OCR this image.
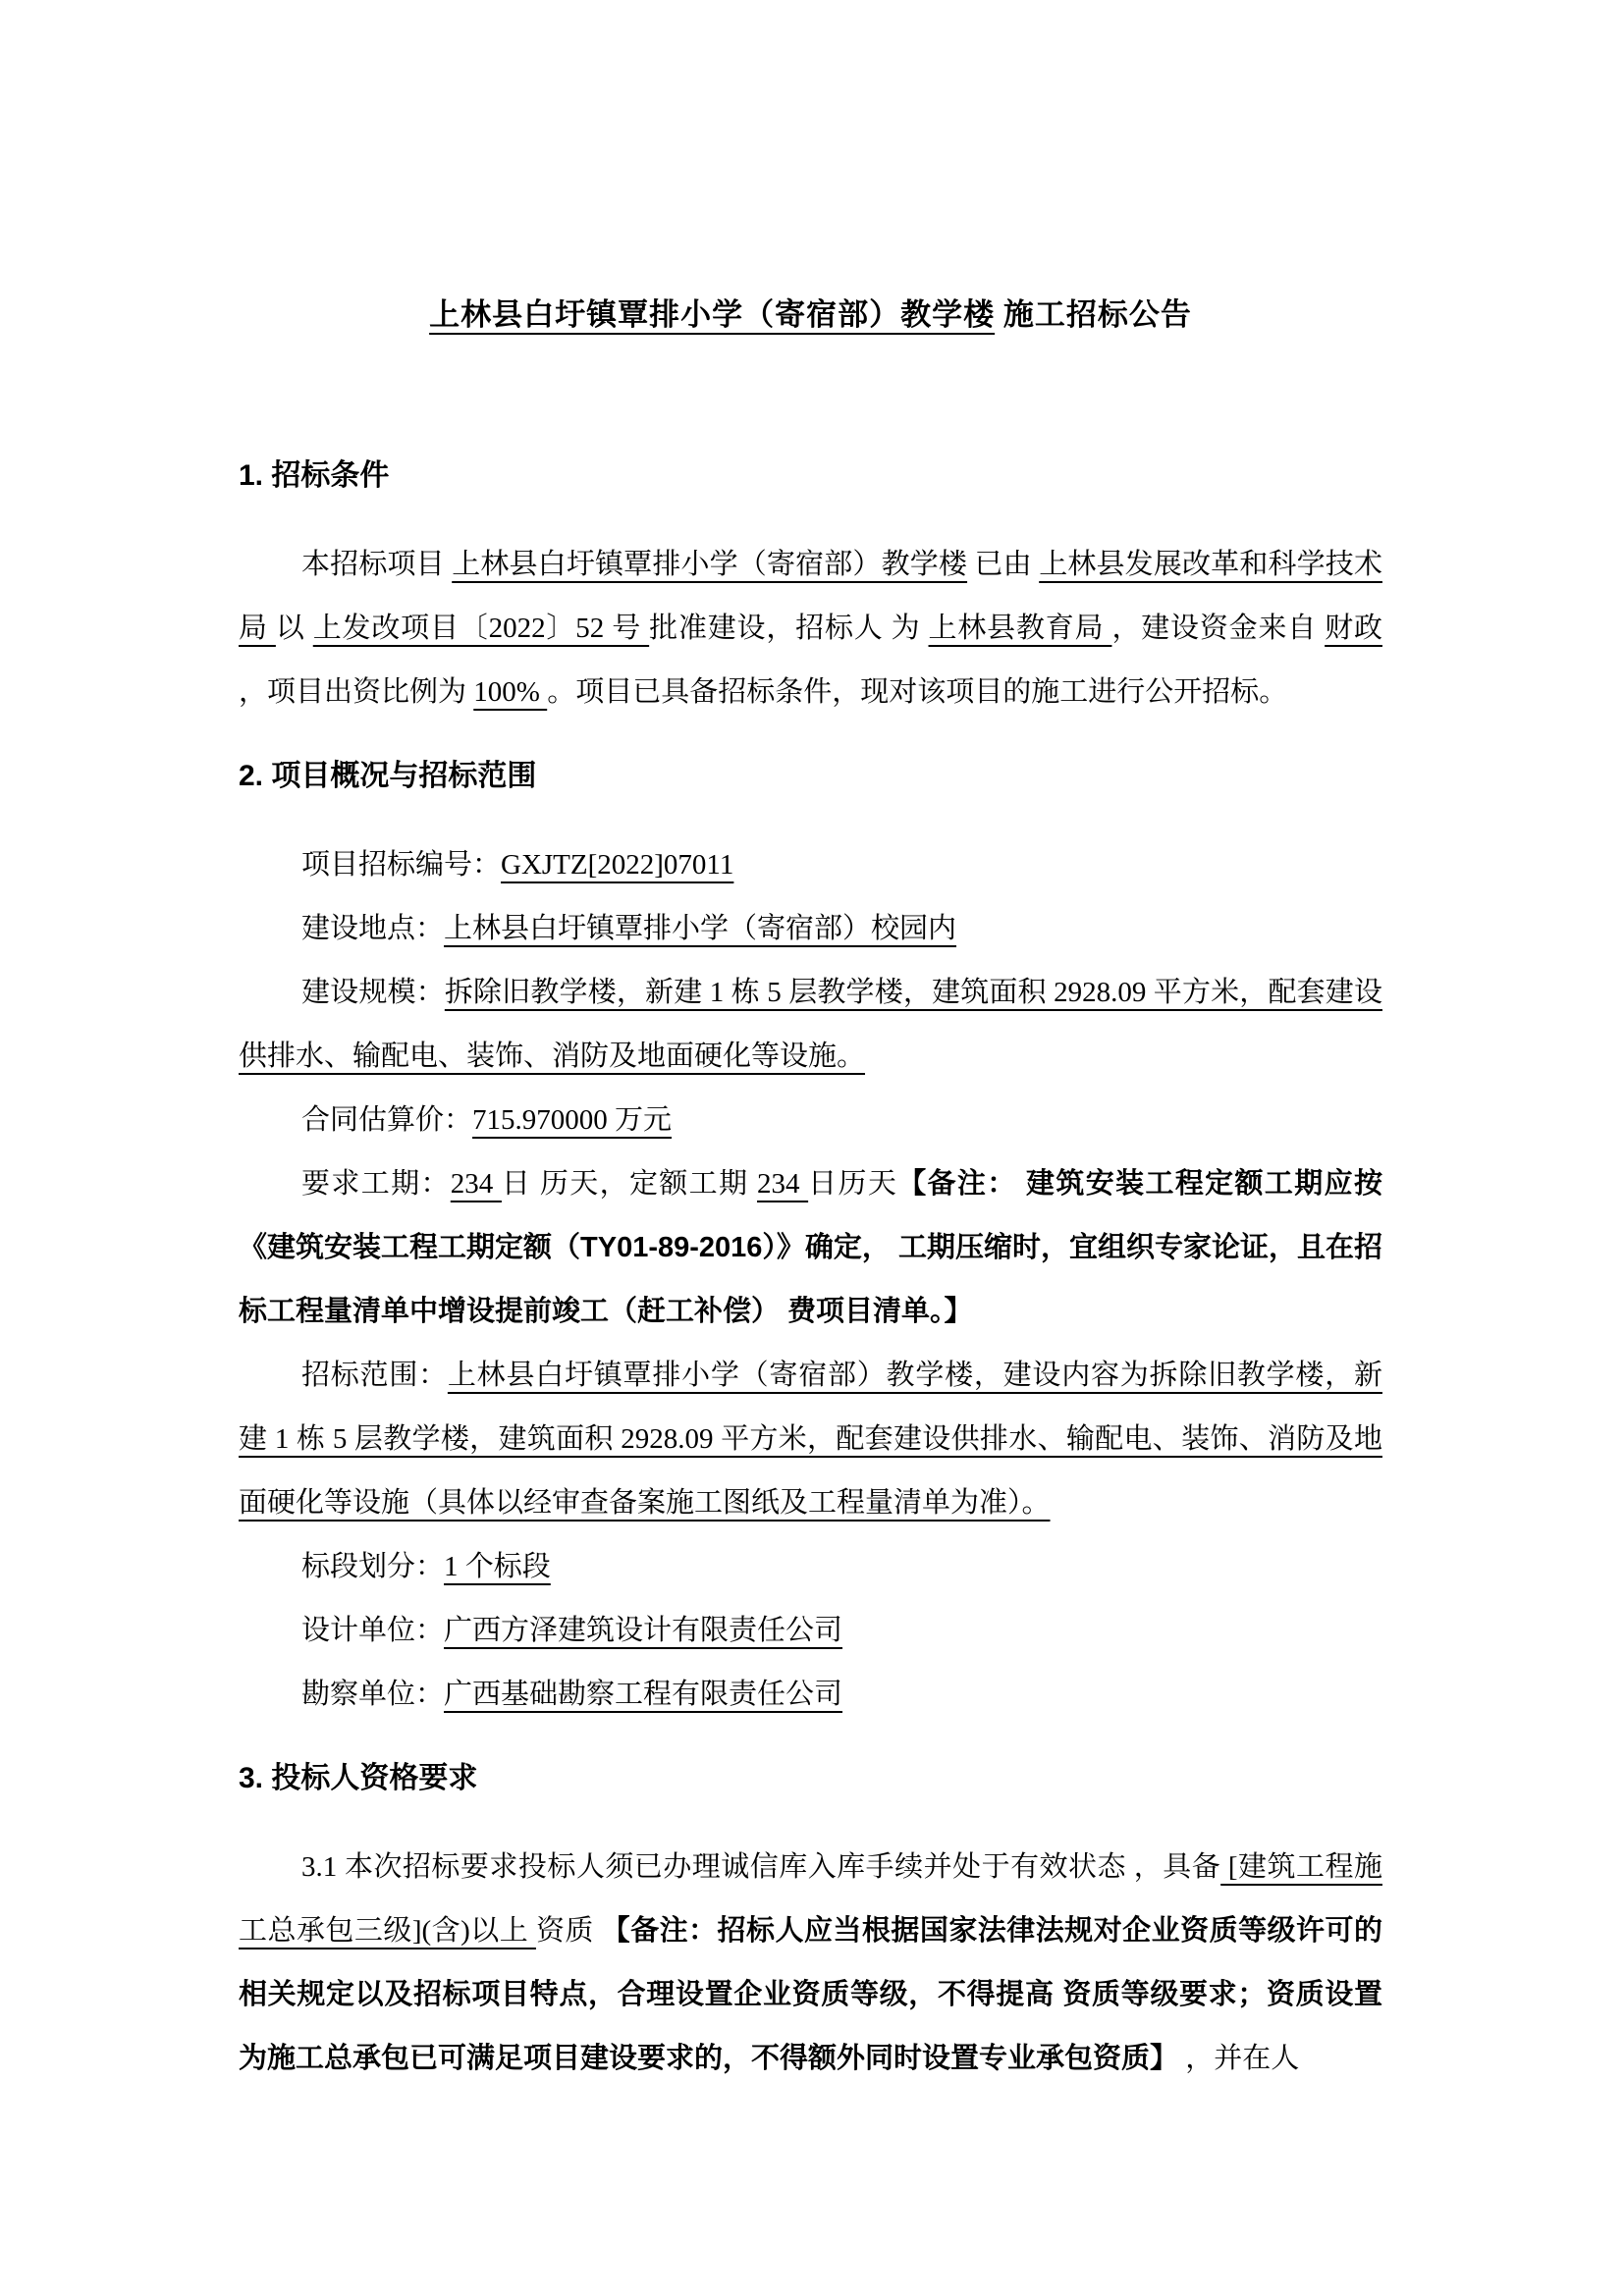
上林县白圩镇覃排小学（寄宿部）教学楼 施工招标公告
1. 招标条件

本招标项目 上林县白圩镇覃排小学（寄宿部）教学楼 已由 上林县发展改革和科学技术局 以 上发改项目〔2022〕52 号 批准建设，招标人 为 上林县教育局 ，建设资金来自 财政 ，项目出资比例为 100% 。项目已具备招标条件，现对该项目的施工进行公开招标。

2. 项目概况与招标范围

项目招标编号：GXJTZ[2022]07011

建设地点：上林县白圩镇覃排小学（寄宿部）校园内

建设规模：拆除旧教学楼，新建 1 栋 5 层教学楼，建筑面积 2928.09 平方米，配套建设供排水、输配电、装饰、消防及地面硬化等设施。

合同估算价：715.970000 万元

要求工期：234 日 历天，定额工期 234 日历天【备注： 建筑安装工程定额工期应按《建筑安装工程工期定额（TY01-89-2016）》确定， 工期压缩时，宜组织专家论证，且在招标工程量清单中增设提前竣工（赶工补偿） 费项目清单。】

招标范围：上林县白圩镇覃排小学（寄宿部）教学楼，建设内容为拆除旧教学楼，新建 1 栋 5 层教学楼，建筑面积 2928.09 平方米，配套建设供排水、输配电、装饰、消防及地面硬化等设施（具体以经审查备案施工图纸及工程量清单为准）。

标段划分：1 个标段

设计单位：广西方泽建筑设计有限责任公司

勘察单位：广西基础勘察工程有限责任公司

3. 投标人资格要求

3.1 本次招标要求投标人须已办理诚信库入库手续并处于有效状态 ，具备 [建筑工程施工总承包三级](含)以上 资质 【备注：招标人应当根据国家法律法规对企业资质等级许可的相关规定以及招标项目特点，合理设置企业资质等级，不得提高 资质等级要求；资质设置为施工总承包已可满足项目建设要求的，不得额外同时设置专业承包资质】 ，并在人
